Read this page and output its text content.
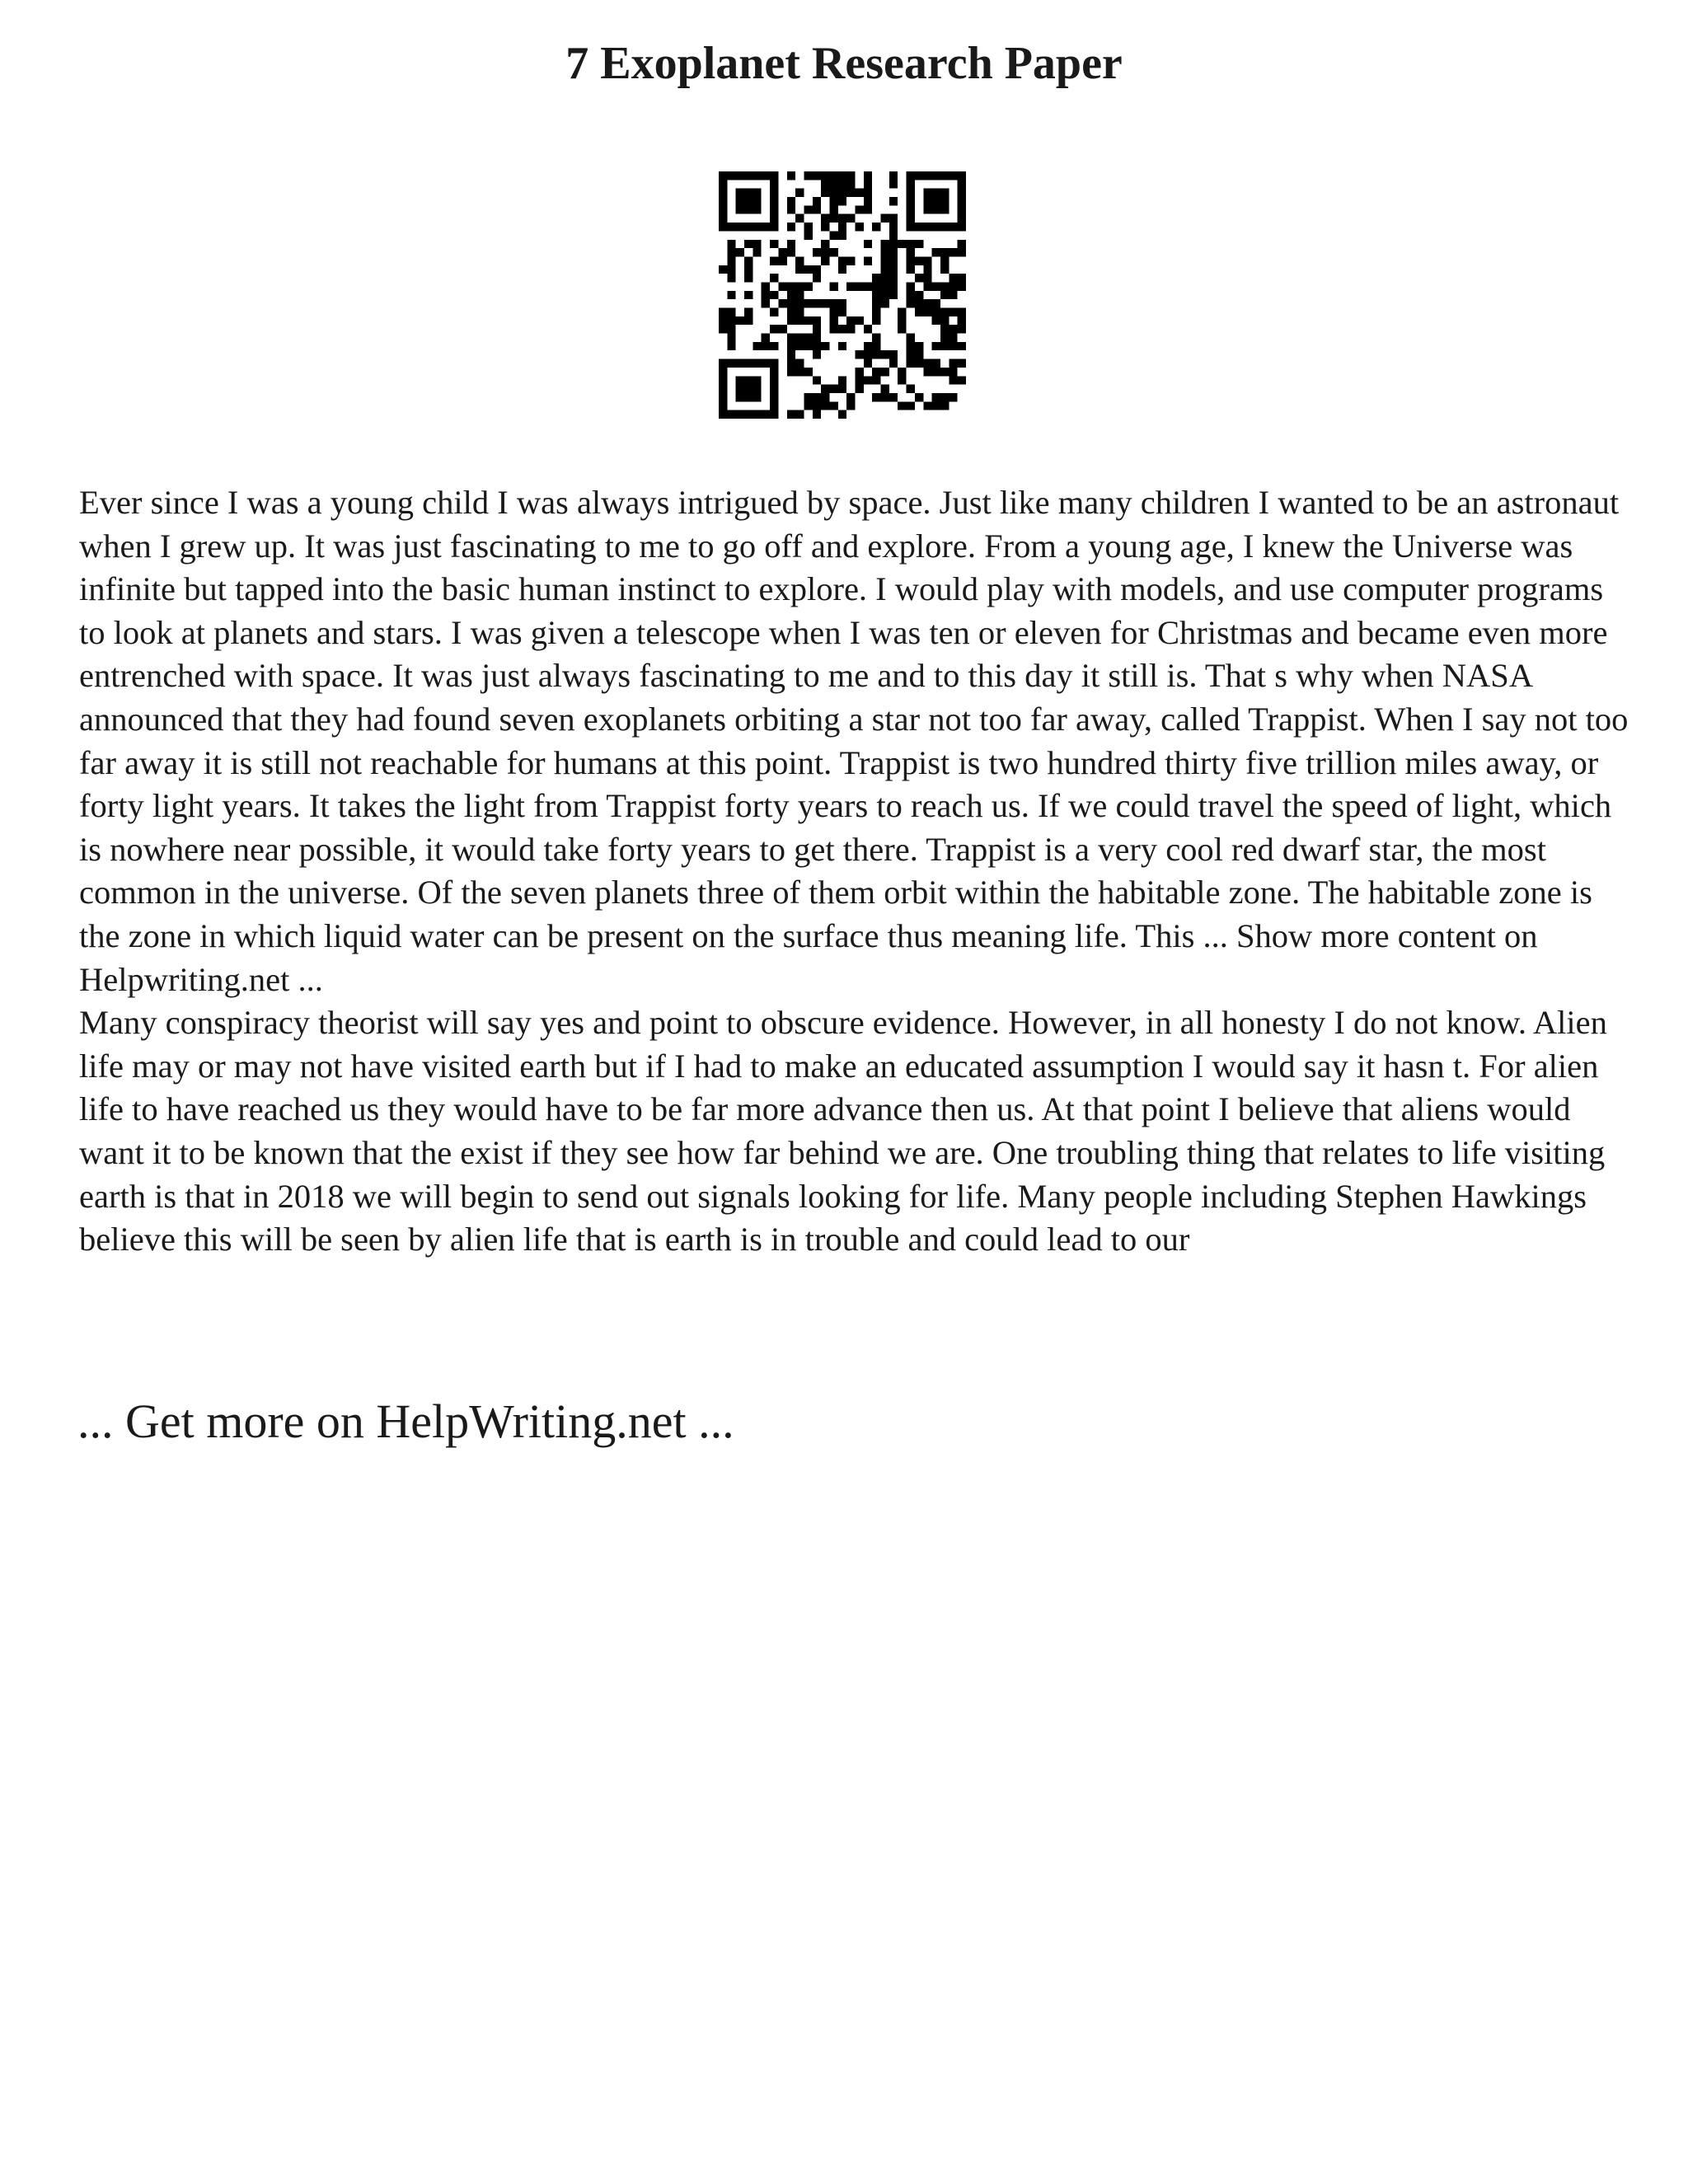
7 Exoplanet Research Paper

Ever since I was a young child I was always intrigued by space. Just like many children I wanted to be an astronaut when I grew up. It was just fascinating to me to go off and explore. From a young age, I knew the Universe was infinite but tapped into the basic human instinct to explore. I would play with models, and use computer programs to look at planets and stars. I was given a telescope when I was ten or eleven for Christmas and became even more entrenched with space. It was just always fascinating to me and to this day it still is. That s why when NASA announced that they had found seven exoplanets orbiting a star not too far away, called Trappist. When I say not too far away it is still not reachable for humans at this point. Trappist is two hundred thirty five trillion miles away, or forty light years. It takes the light from Trappist forty years to reach us. If we could travel the speed of light, which is nowhere near possible, it would take forty years to get there. Trappist is a very cool red dwarf star, the most common in the universe. Of the seven planets three of them orbit within the habitable zone. The habitable zone is the zone in which liquid water can be present on the surface thus meaning life. This ... Show more content on Helpwriting.net ...

Many conspiracy theorist will say yes and point to obscure evidence. However, in all honesty I do not know. Alien life may or may not have visited earth but if I had to make an educated assumption I would say it hasn t. For alien life to have reached us they would have to be far more advance then us. At that point I believe that aliens would want it to be known that the exist if they see how far behind we are. One troubling thing that relates to life visiting earth is that in 2018 we will begin to send out signals looking for life. Many people including Stephen Hawkings believe this will be seen by alien life that is earth is in trouble and could lead to our

... Get more on HelpWriting.net ...
